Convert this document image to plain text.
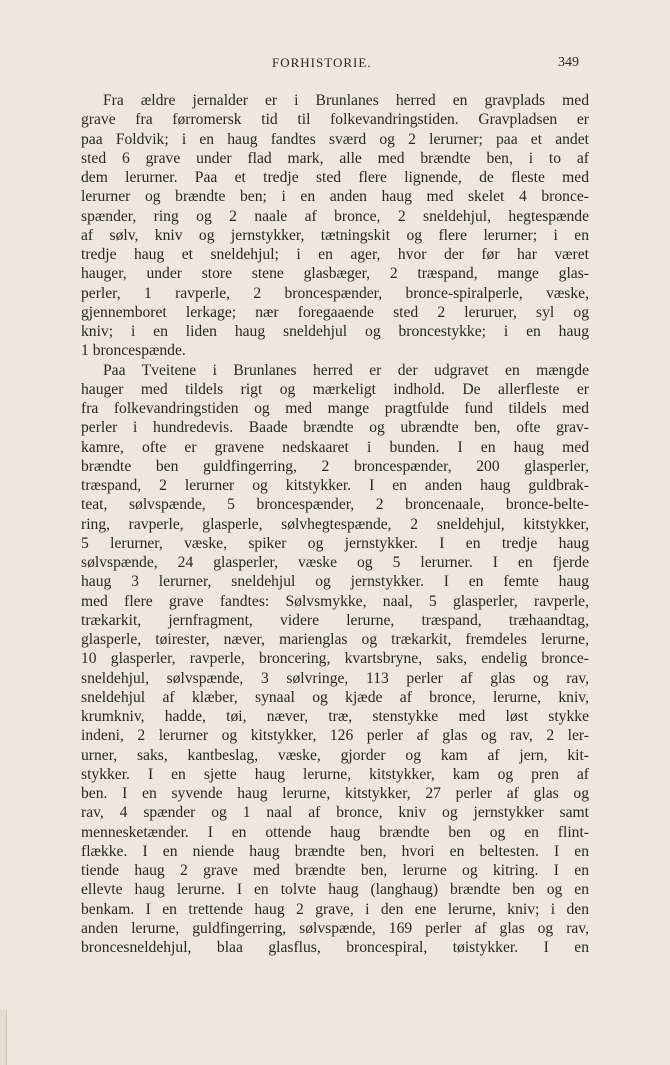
FORHISTORIE.	349
Fra ældre jernalder er i Brunlanes herred en gravplads med
grave fra førromersk tid til folkevandringstiden. Gravpladsen er
paa Foldvik; i en haug fandtes sværd og 2 lerurner; paa et andet
sted 6 grave under flad mark, alle med brændte ben, i to af
dem lerurner. Paa et tredje sted flere lignende, de fleste med
lerurner og brændte ben; i en anden haug med skelet 4 bronce-
spænder, ring og 2 naale af bronce, 2 sneldehjul, hegtespænde
af sølv, kniv og jernstykker, tætningskit og flere lerurner; i en
tredje haug et sneldehjul; i en ager, hvor der før har været
hauger, under store stene glasbæger, 2 træspand, mange glas-
perler, 1 ravperle, 2 broncespænder, bronce-spiralperle, væske,
gjennemboret lerkage; nær foregaaende sted 2 leruruer, syl og
kniv; i en liden haug sneldehjul og broncestykke; i en haug
1 broncespænde.
Paa Tveitene i Brunlanes herred er der udgravet en mængde
hauger med tildels rigt og mærkeligt indhold. De allerfleste er
fra folkevandringstiden og med mange pragtfulde fund tildels med
perler i hundredevis. Baade brændte og ubrændte ben, ofte grav-
kamre, ofte er gravene nedskaaret i bunden. I en haug med
brændte ben guldfingerring, 2 broncespænder, 200 glasperler,
træspand, 2 lerurner og kitstykker. I en anden haug guldbrak-
teat, sølvspænde, 5 broncespænder, 2 broncenaale, bronce-belte-
ring, ravperle, glasperle, sølvhegtespænde, 2 sneldehjul, kitstykker,
5 lerurner, væske, spiker og jernstykker. I en tredje haug
sølvspænde, 24 glasperler, væske og 5 lerurner. I en fjerde
haug 3 lerurner, sneldehjul og jernstykker. I en femte haug
med flere grave fandtes: Sølvsmykke, naal, 5 glasperler, ravperle,
trækarkit, jernfragment, videre lerurne, træspand, træhaandtag,
glasperle, tøirester, næver, marienglas og trækarkit, fremdeles lerurne,
10 glasperler, ravperle, broncering, kvartsbryne, saks, endelig bronce-
sneldehjul, sølvspænde, 3 sølvringe, 113 perler af glas og rav,
sneldehjul af klæber, synaal og kjæde af bronce, lerurne, kniv,
krumkniv, hadde, tøi, næver, træ, stenstykke med løst stykke
indeni, 2 lerurner og kitstykker, 126 perler af glas og rav, 2 ler-
urner, saks, kantbeslag, væske, gjorder og kam af jern, kit-
stykker. I en sjette haug lerurne, kitstykker, kam og pren af
ben. I en syvende haug lerurne, kitstykker, 27 perler af glas og
rav, 4 spænder og 1 naal af bronce, kniv og jernstykker samt
mennesketænder. I en ottende haug brændte ben og en flint-
flække. I en niende haug brændte ben, hvori en beltesten. I en
tiende haug 2 grave med brændte ben, lerurne og kitring. I en
ellevte haug lerurne. I en tolvte haug (langhaug) brændte ben og en
benkam. I en trettende haug 2 grave, i den ene lerurne, kniv; i den
anden lerurne, guldfingerring, sølvspænde, 169 perler af glas og rav,
broncesneldehjul, blaa glasflus, broncespiral, tøistykker. I en
